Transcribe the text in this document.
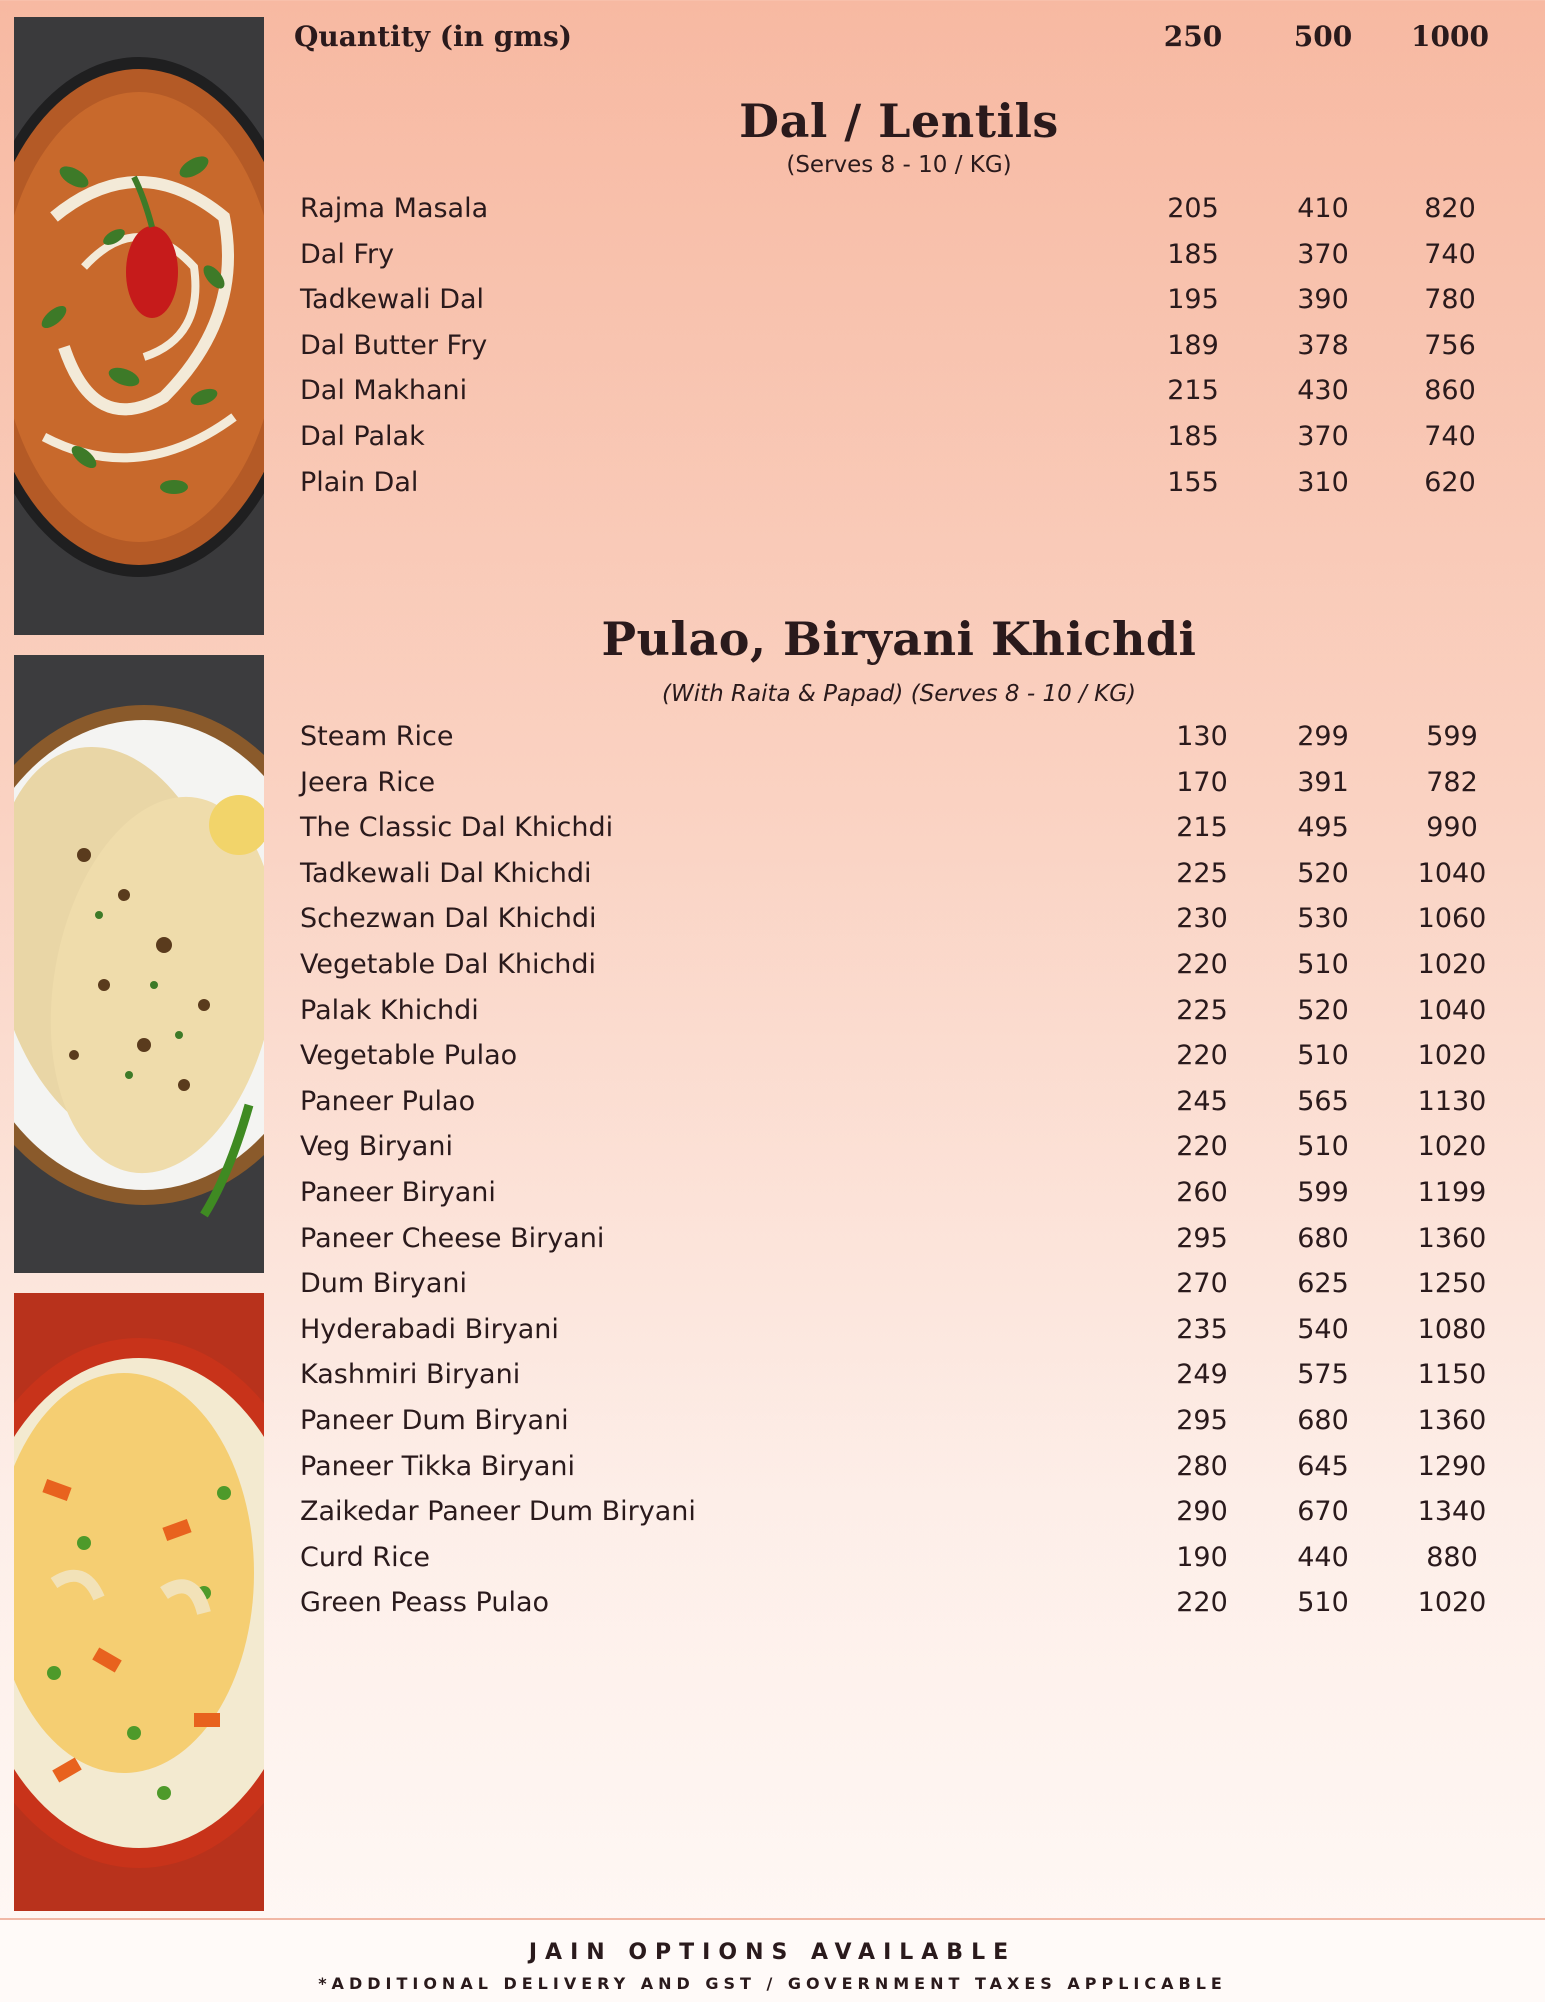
Quantity (in gms)	250	500	1000
Dal / Lentils
(Serves 8 - 10 / KG)
Rajma Masala	205	410	820
Dal Fry	185	370	740
Tadkewali Dal	195	390	780
Dal Butter Fry	189	378	756
Dal Makhani	215	430	860
Dal Palak	185	370	740
Plain Dal	155	310	620
Pulao, Biryani Khichdi
(With Raita & Papad) (Serves 8 - 10 / KG)
Steam Rice	130	299	599
Jeera Rice	170	391	782
The Classic Dal Khichdi	215	495	990
Tadkewali Dal Khichdi	225	520	1040
Schezwan Dal Khichdi	230	530	1060
Vegetable Dal Khichdi	220	510	1020
Palak Khichdi	225	520	1040
Vegetable Pulao	220	510	1020
Paneer Pulao	245	565	1130
Veg Biryani	220	510	1020
Paneer Biryani	260	599	1199
Paneer Cheese Biryani	295	680	1360
Dum Biryani	270	625	1250
Hyderabadi Biryani	235	540	1080
Kashmiri Biryani	249	575	1150
Paneer Dum Biryani	295	680	1360
Paneer Tikka Biryani	280	645	1290
Zaikedar Paneer Dum Biryani	290	670	1340
Curd Rice	190	440	880
Green Peass Pulao	220	510	1020
JAIN OPTIONS AVAILABLE
*ADDITIONAL DELIVERY AND GST / GOVERNMENT TAXES APPLICABLE
